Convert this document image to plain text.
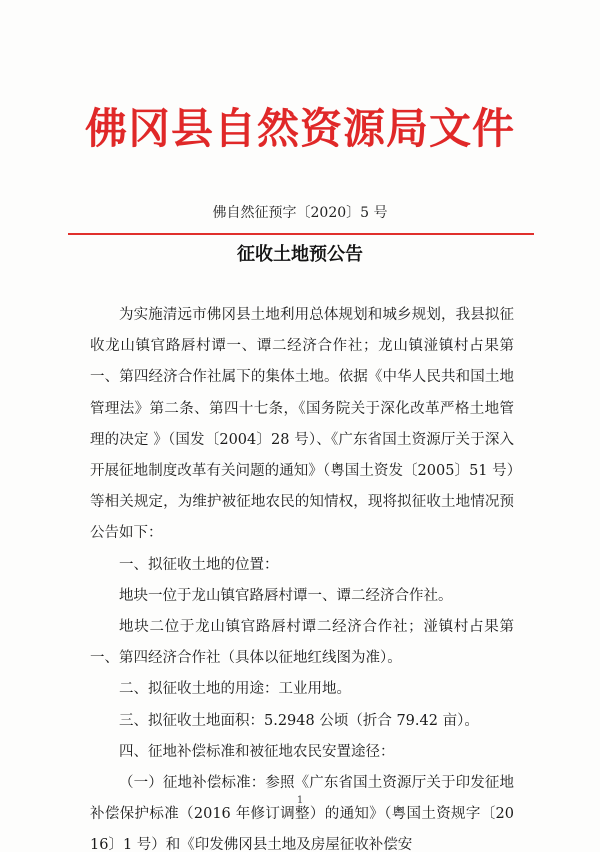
佛冈县自然资源局文件
佛自然征预字〔2020〕5 号
征收土地预公告

为实施清远市佛冈县土地利用总体规划和城乡规划，我县拟征收龙山镇官路唇村谭一、谭二经济合作社；龙山镇湴镇村占果第一、第四经济合作社属下的集体土地。依据《中华人民共和国土地管理法》第二条、第四十七条，《国务院关于深化改革严格土地管理的决定 》（国发〔2004〕28 号）、《广东省国土资源厅关于深入开展征地制度改革有关问题的通知》（粤国土资发〔2005〕51 号）等相关规定，为维护被征地农民的知情权，现将拟征收土地情况预公告如下：

一、拟征收土地的位置：

地块一位于龙山镇官路唇村谭一、谭二经济合作社。

地块二位于龙山镇官路唇村谭二经济合作社；湴镇村占果第一、第四经济合作社（具体以征地红线图为准）。

二、拟征收土地的用途：工业用地。

三、拟征收土地面积：5.2948 公顷（折合 79.42 亩）。

四、征地补偿标准和被征地农民安置途径：

（一）征地补偿标准：参照《广东省国土资源厅关于印发征地补偿保护标准（2016 年修订调整）的通知》（粤国土资规字〔2016〕1 号）和《印发佛冈县土地及房屋征收补偿安

1
